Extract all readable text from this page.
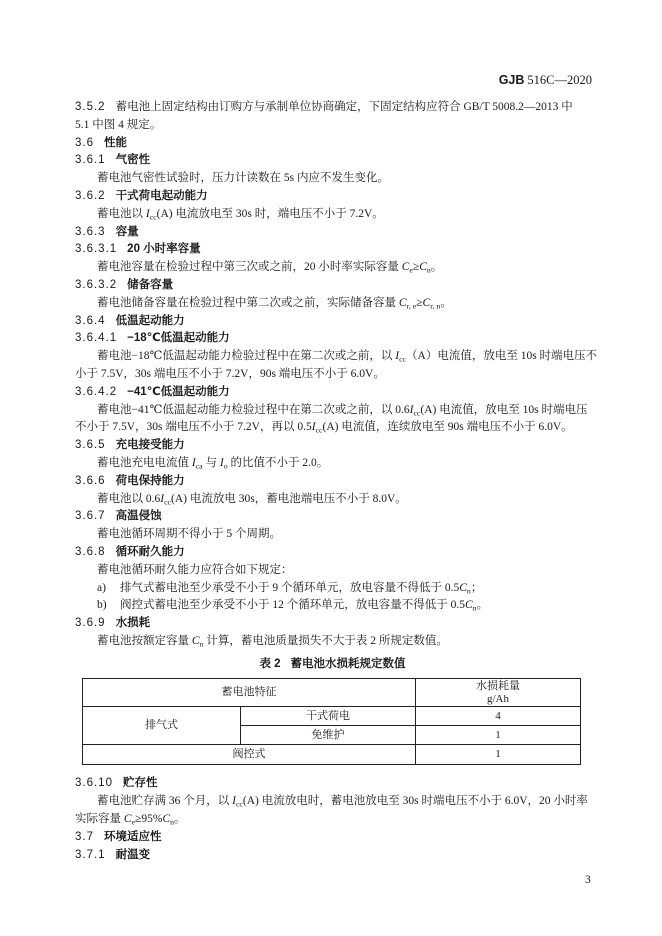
GJB 516C—2020
3.5.2 蓄电池上固定结构由订购方与承制单位协商确定，下固定结构应符合 GB/T 5008.2—2013 中
5.1 中图 4 规定。
3.6 性能
3.6.1 气密性
蓄电池气密性试验时，压力计读数在 5s 内应不发生变化。
3.6.2 干式荷电起动能力
蓄电池以 $I_{cc}(A)$ 电流放电至 30s 时，端电压不小于 7.2V。
3.6.3 容量
3.6.3.1 20 小时率容量
蓄电池容量在检验过程中第三次或之前，20 小时率实际容量 $C_e\ge C_n$。
3.6.3.2 储备容量
蓄电池储备容量在检验过程中第二次或之前，实际储备容量 $C_{r, e}\ge C_{r, n}$。
3.6.4 低温起动能力
3.6.4.1 −18℃低温起动能力
蓄电池−18℃低温起动能力检验过程中在第二次或之前，以 $I_{cc}(A)$电流值，放电至 10s 时端电压不
小于 7.5V，30s 端电压不小于 7.2V，90s 端电压不小于 6.0V。
3.6.4.2 −41℃低温起动能力
蓄电池−41℃低温起动能力检验过程中在第二次或之前，以 $0.6I_{cc}(A)$ 电流值，放电至 10s 时端电压
不小于 7.5V，30s 端电压不小于 7.2V，再以 $0.5I_{cc}(A)$ 电流值，连续放电至 90s 端电压不小于 6.0V。
3.6.5 充电接受能力
蓄电池充电电流值 $I_{ca}$ 与 $I_o$ 的比值不小于 2.0。
3.6.6 荷电保持能力
蓄电池以 $0.6I_{cc}(A)$ 电流放电 30s，蓄电池端电压不小于 8.0V。
3.6.7 高温侵蚀
蓄电池循环周期不得小于 5 个周期。
3.6.8 循环耐久能力
蓄电池循环耐久能力应符合如下规定：
a) 排气式蓄电池至少承受不小于 9 个循环单元，放电容量不得低于 $0.5C_n$；
b) 阀控式蓄电池至少承受不小于 12 个循环单元，放电容量不得低于 $0.5C_n$。
3.6.9 水损耗
蓄电池按额定容量 $C_n$ 计算，蓄电池质量损失不大于表 2 所规定数值。
表 2 蓄电池水损耗规定数值
蓄电池特征		水损耗量
g/Ah

排气式	干式荷电	4
	免维护	1
阀控式		1
3.6.10 贮存性
蓄电池贮存满 36 个月，以 $I_{cc}(A)$ 电流放电时，蓄电池放电至 30s 时端电压不小于 6.0V，20 小时率
实际容量 $C_e\ge 95\%C_n$。
3.7 环境适应性
3.7.1 耐温变
3
